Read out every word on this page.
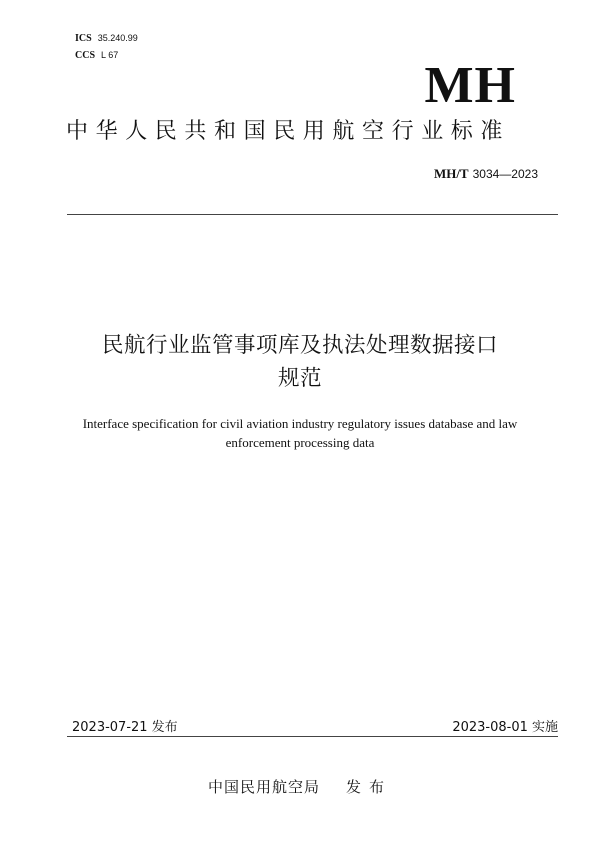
ICS 35.240.99
CCS L 67
MH
中华人民共和国民用航空行业标准
MH/T 3034—2023
民航行业监管事项库及执法处理数据接口
规范
Interface specification for civil aviation industry regulatory issues database and law
enforcement processing data
2023-07-21 发布	2023-08-01 实施
中国民用航空局 发布
